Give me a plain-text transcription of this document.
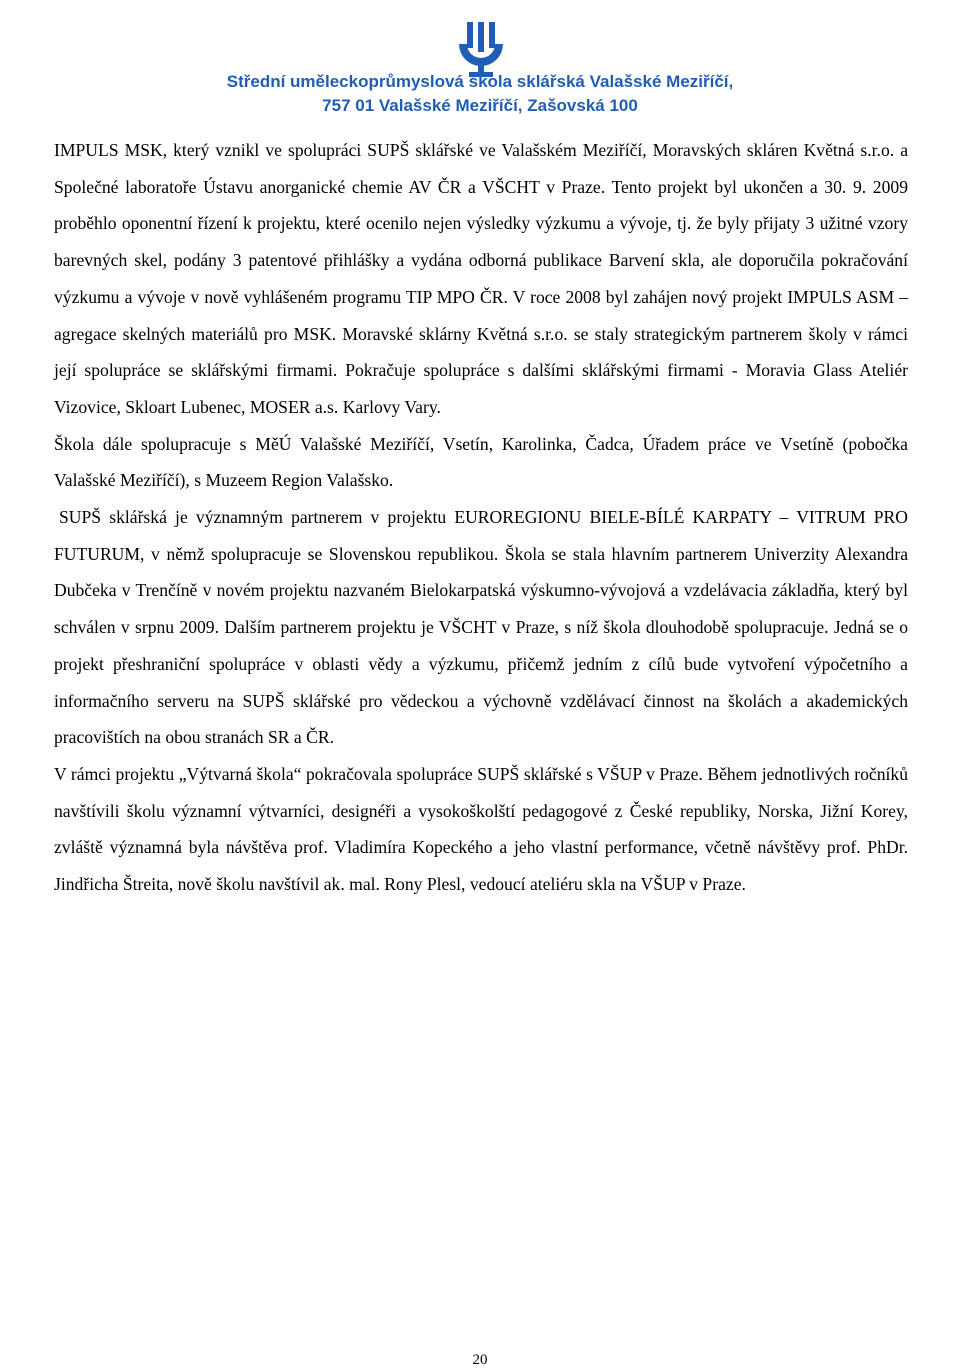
Střední uměleckoprůmyslová škola sklářská Valašské Meziříčí,
757 01 Valašské Meziříčí, Zašovská 100

IMPULS MSK, který vznikl ve spolupráci SUPŠ sklářské ve Valašském Meziříčí, Moravských skláren Květná s.r.o. a Společné laboratoře Ústavu anorganické chemie AV ČR a VŠCHT v Praze. Tento projekt byl ukončen a 30. 9. 2009 proběhlo oponentní řízení k projektu, které ocenilo nejen výsledky výzkumu a vývoje, tj. že byly přijaty 3 užitné vzory barevných skel, podány 3 patentové přihlášky a vydána odborná publikace Barvení skla, ale doporučila pokračování výzkumu a vývoje v nově vyhlášeném programu TIP MPO ČR. V roce 2008 byl zahájen nový projekt IMPULS ASM – agregace skelných materiálů pro MSK. Moravské sklárny Květná s.r.o. se staly strategickým partnerem školy v rámci její spolupráce se sklářskými firmami. Pokračuje spolupráce s dalšími sklářskými firmami - Moravia Glass Ateliér Vizovice, Skloart Lubenec, MOSER a.s. Karlovy Vary.

Škola dále spolupracuje s MěÚ Valašské Meziříčí, Vsetín, Karolinka, Čadca, Úřadem práce ve Vsetíně (pobočka Valašské Meziříčí), s Muzeem Region Valašsko.

SUPŠ sklářská je významným partnerem v projektu EUROREGIONU BIELE-BÍLÉ KARPATY – VITRUM PRO FUTURUM, v němž spolupracuje se Slovenskou republikou. Škola se stala hlavním partnerem Univerzity Alexandra Dubčeka v Trenčíně v novém projektu nazvaném Bielokarpatská výskumno-vývojová a vzdelávacia základňa, který byl schválen v srpnu 2009. Dalším partnerem projektu je VŠCHT v Praze, s níž škola dlouhodobě spolupracuje. Jedná se o projekt přeshraniční spolupráce v oblasti vědy a výzkumu, přičemž jedním z cílů bude vytvoření výpočetního a informačního serveru na SUPŠ sklářské pro vědeckou a výchovně vzdělávací činnost na školách a akademických pracovištích na obou stranách SR a ČR.

V rámci projektu „Výtvarná škola“ pokračovala spolupráce SUPŠ sklářské s VŠUP v Praze. Během jednotlivých ročníků navštívili školu významní výtvarníci, designéři a vysokoškolští pedagogové z České republiky, Norska, Jižní Korey, zvláště významná byla návštěva prof. Vladimíra Kopeckého a jeho vlastní performance, včetně návštěvy prof. PhDr. Jindřicha Štreita, nově školu navštívil ak. mal. Rony Plesl, vedoucí ateliéru skla na VŠUP v Praze.

20
